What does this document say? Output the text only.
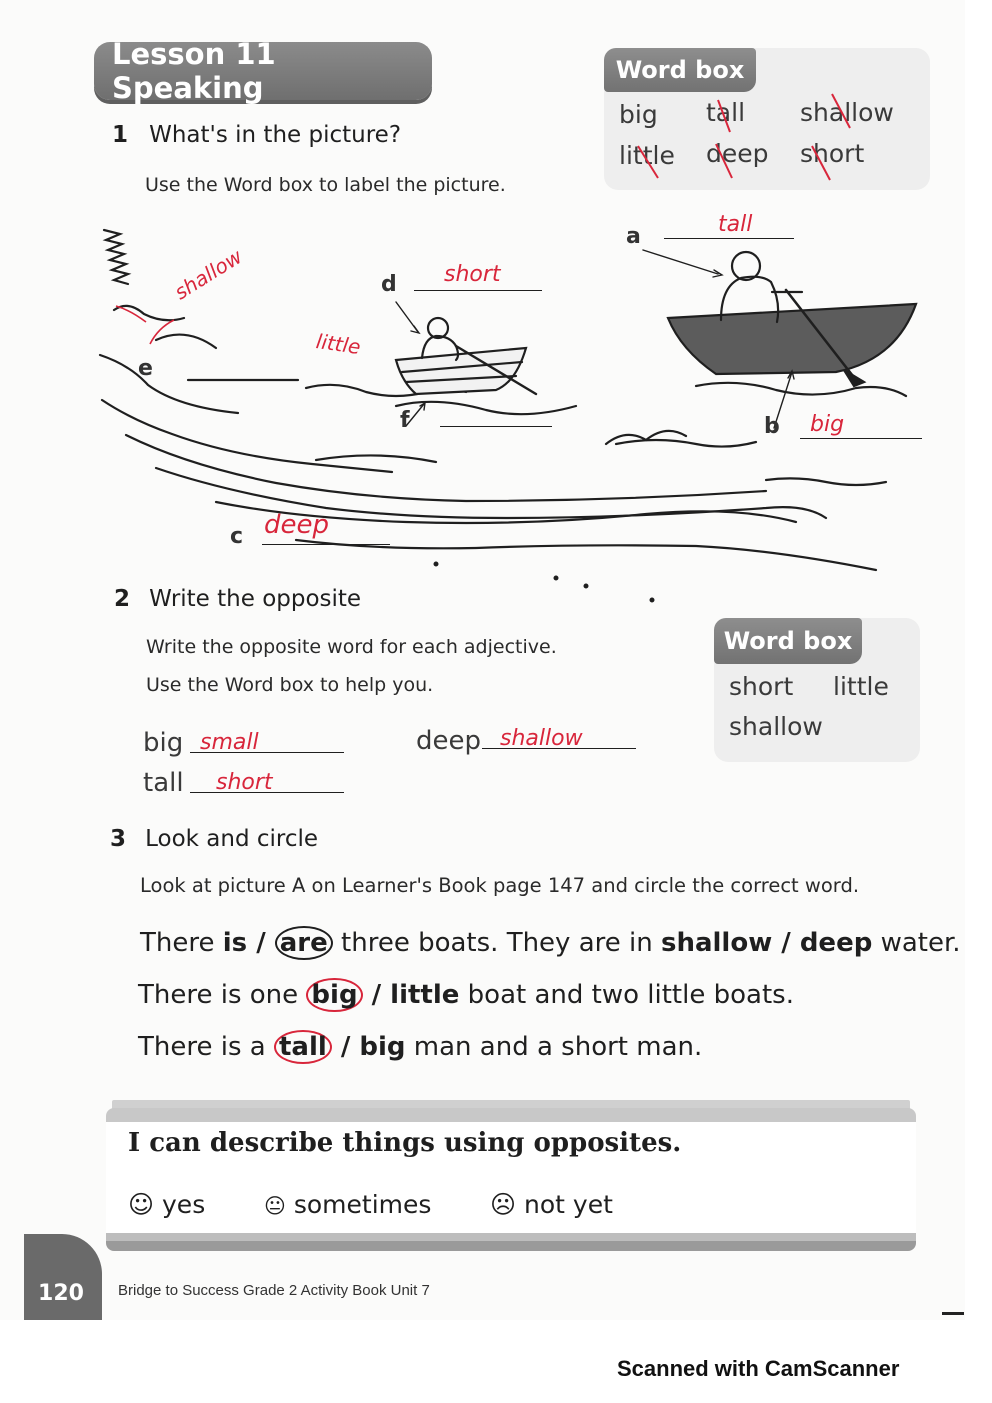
Lesson 11 Speaking
1 What's in the picture?
Use the Word box to label the picture.
Word box
big tall shallow
little deep short
a	tall
b big
c deep
d short
e
f
shallow
little
2 Write the opposite
Write the opposite word for each adjective.
Use the Word box to help you.
Word box
short little
shallow
big small	deep shallow
tall short
3 Look and circle
Look at picture A on Learner's Book page 147 and circle the correct word.
There is / are three boats. They are in shallow / deep water.
There is one big / little boat and two little boats.
There is a tall / big man and a short man.
I can describe things using opposites.
☺ yes	😐 sometimes ☹ not yet
120	Bridge to Success Grade 2 Activity Book Unit 7
Scanned with CamScanner
